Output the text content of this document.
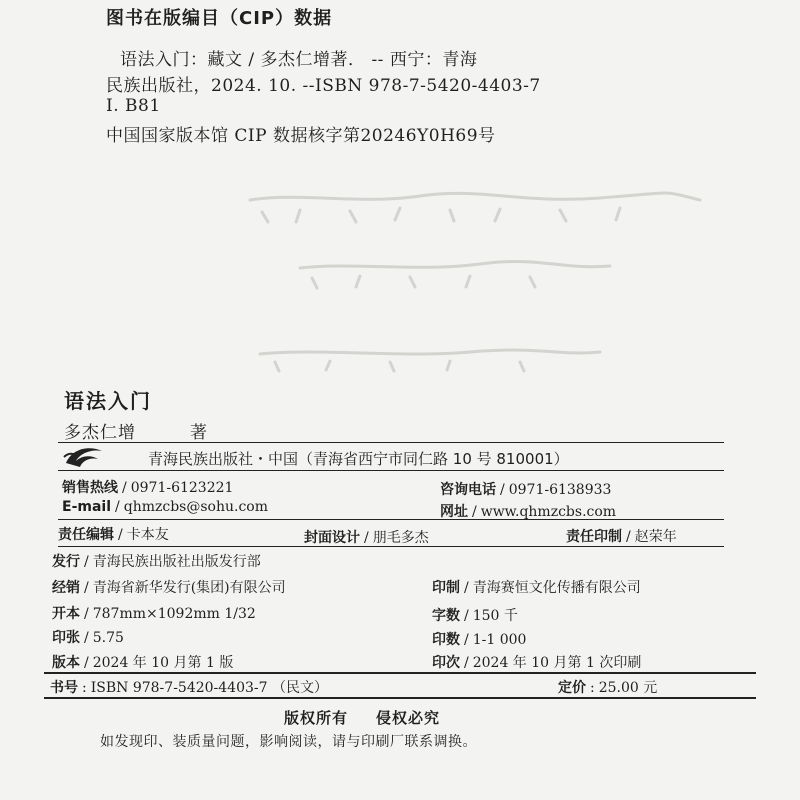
图书在版编目（CIP）数据
语法入门：藏文 / 多杰仁增著． -- 西宁：青海
民族出版社，2024. 10. --ISBN 978-7-5420-4403-7
I. B81
中国国家版本馆 CIP 数据核字第20246Y0H69号
语法入门
多杰仁增	著
青海民族出版社・中国（青海省西宁市同仁路 10 号 810001）
销售热线 / 0971-6123221	咨询电话 / 0971-6138933
E-mail / qhmzcbs@sohu.com	网址 / www.qhmzcbs.com
责任编辑 / 卡本友	封面设计 / 朋毛多杰	责任印制 / 赵荣年
发行 / 青海民族出版社出版发行部
经销 / 青海省新华发行(集团)有限公司	印制 / 青海赛恒文化传播有限公司
开本 / 787mm×1092mm 1/32	字数 / 150 千
印张 / 5.75	印数 / 1-1 000
版本 / 2024 年 10 月第 1 版	印次 / 2024 年 10 月第 1 次印刷
书号 : ISBN 978-7-5420-4403-7 （民文）	定价 : 25.00 元
版权所有 侵权必究
如发现印、装质量问题，影响阅读，请与印刷厂联系调换。
